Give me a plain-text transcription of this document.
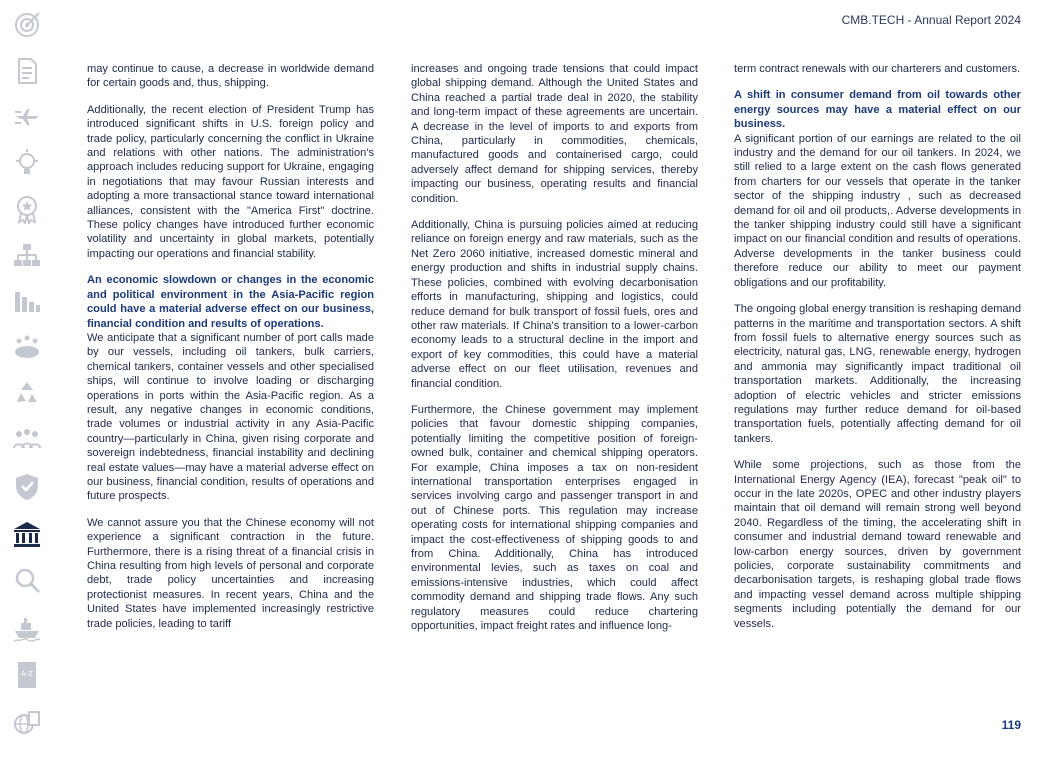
A-Z
CMB.TECH - Annual Report 2024

may continue to cause, a decrease in worldwide demand for certain goods and, thus, shipping.

Additionally, the recent election of President Trump has introduced significant shifts in U.S. foreign policy and trade policy, particularly concerning the conflict in Ukraine and relations with other nations. The administration's approach includes reducing support for Ukraine, engaging in negotiations that may favour Russian interests and adopting a more transactional stance toward international alliances, consistent with the "America First" doctrine. These policy changes have introduced further economic volatility and uncertainty in global markets, potentially impacting our operations and financial stability.

An economic slowdown or changes in the economic and political environment in the Asia-Pacific region could have a material adverse effect on our business, financial condition and results of operations.

We anticipate that a significant number of port calls made by our vessels, including oil tankers, bulk carriers, chemical tankers, container vessels and other specialised ships, will continue to involve loading or discharging operations in ports within the Asia-Pacific region. As a result, any negative changes in economic conditions, trade volumes or industrial activity in any Asia-Pacific country—particularly in China, given rising corporate and sovereign indebtedness, financial instability and declining real estate values—may have a material adverse effect on our business, financial condition, results of operations and future prospects.

We cannot assure you that the Chinese economy will not experience a significant contraction in the future. Furthermore, there is a rising threat of a financial crisis in China resulting from high levels of personal and corporate debt, trade policy uncertainties and increasing protectionist measures. In recent years, China and the United States have implemented increasingly restrictive trade policies, leading to tariff

increases and ongoing trade tensions that could impact global shipping demand. Although the United States and China reached a partial trade deal in 2020, the stability and long-term impact of these agreements are uncertain. A decrease in the level of imports to and exports from China, particularly in commodities, chemicals, manufactured goods and containerised cargo, could adversely affect demand for shipping services, thereby impacting our business, operating results and financial condition.

Additionally, China is pursuing policies aimed at reducing reliance on foreign energy and raw materials, such as the Net Zero 2060 initiative, increased domestic mineral and energy production and shifts in industrial supply chains. These policies, combined with evolving decarbonisation efforts in manufacturing, shipping and logistics, could reduce demand for bulk transport of fossil fuels, ores and other raw materials. If China's transition to a lower-carbon economy leads to a structural decline in the import and export of key commodities, this could have a material adverse effect on our fleet utilisation, revenues and financial condition.

Furthermore, the Chinese government may implement policies that favour domestic shipping companies, potentially limiting the competitive position of foreign-owned bulk, container and chemical shipping operators. For example, China imposes a tax on non-resident international transportation enterprises engaged in services involving cargo and passenger transport in and out of Chinese ports. This regulation may increase operating costs for international shipping companies and impact the cost-effectiveness of shipping goods to and from China. Additionally, China has introduced environmental levies, such as taxes on coal and emissions-intensive industries, which could affect commodity demand and shipping trade flows. Any such regulatory measures could reduce chartering opportunities, impact freight rates and influence long-

term contract renewals with our charterers and customers.

A shift in consumer demand from oil towards other energy sources may have a material effect on our business.

A significant portion of our earnings are related to the oil industry and the demand for our oil tankers. In 2024, we still relied to a large extent on the cash flows generated from charters for our vessels that operate in the tanker sector of the shipping industry , such as decreased demand for oil and oil products,. Adverse developments in the tanker shipping industry could still have a significant impact on our financial condition and results of operations. Adverse developments in the tanker business could therefore reduce our ability to meet our payment obligations and our profitability.

The ongoing global energy transition is reshaping demand patterns in the maritime and transportation sectors. A shift from fossil fuels to alternative energy sources such as electricity, natural gas, LNG, renewable energy, hydrogen and ammonia may significantly impact traditional oil transportation markets. Additionally, the increasing adoption of electric vehicles and stricter emissions regulations may further reduce demand for oil-based transportation fuels, potentially affecting demand for oil tankers.

While some projections, such as those from the International Energy Agency (IEA), forecast "peak oil" to occur in the late 2020s, OPEC and other industry players maintain that oil demand will remain strong well beyond 2040. Regardless of the timing, the accelerating shift in consumer and industrial demand toward renewable and low-carbon energy sources, driven by government policies, corporate sustainability commitments and decarbonisation targets, is reshaping global trade flows and impacting vessel demand across multiple shipping segments including potentially the demand for our vessels.

119
